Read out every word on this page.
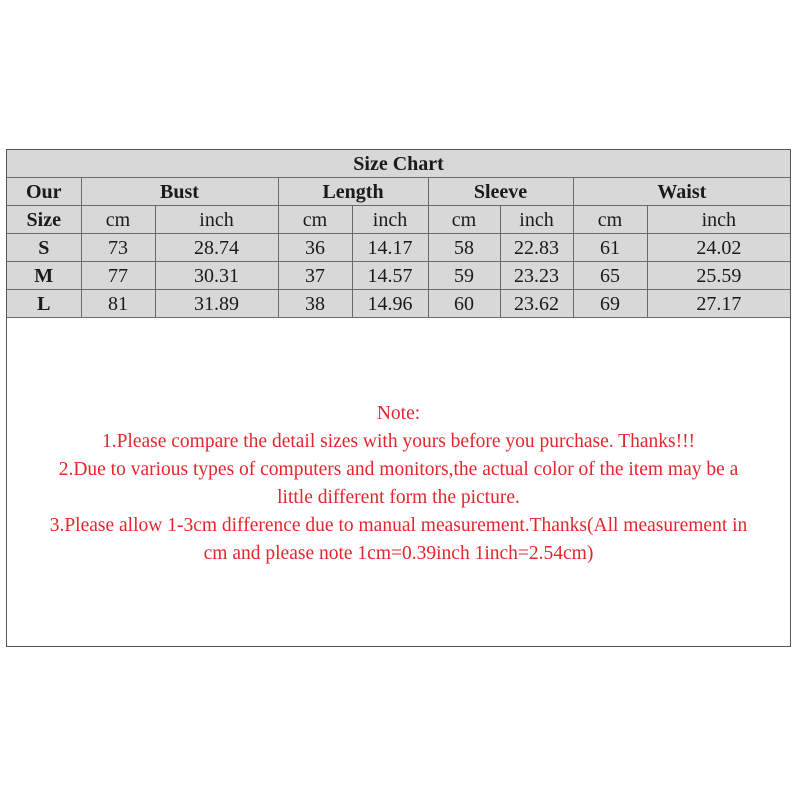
Size Chart								
Our	Bust		Length		Sleeve		Waist	
Size	cm	inch	cm	inch	cm	inch	cm	inch
S	73	28.74	36	14.17	58	22.83	61	24.02
M	77	30.31	37	14.57	59	23.23	65	25.59
L	81	31.89	38	14.96	60	23.62	69	27.17
Note:
1.Please compare the detail sizes with yours before you purchase. Thanks!!!
2.Due to various types of computers and monitors,the actual color of the item may be a
little different form the picture.
3.Please allow 1-3cm difference due to manual measurement.Thanks(All measurement in
cm and please note 1cm=0.39inch 1inch=2.54cm)
